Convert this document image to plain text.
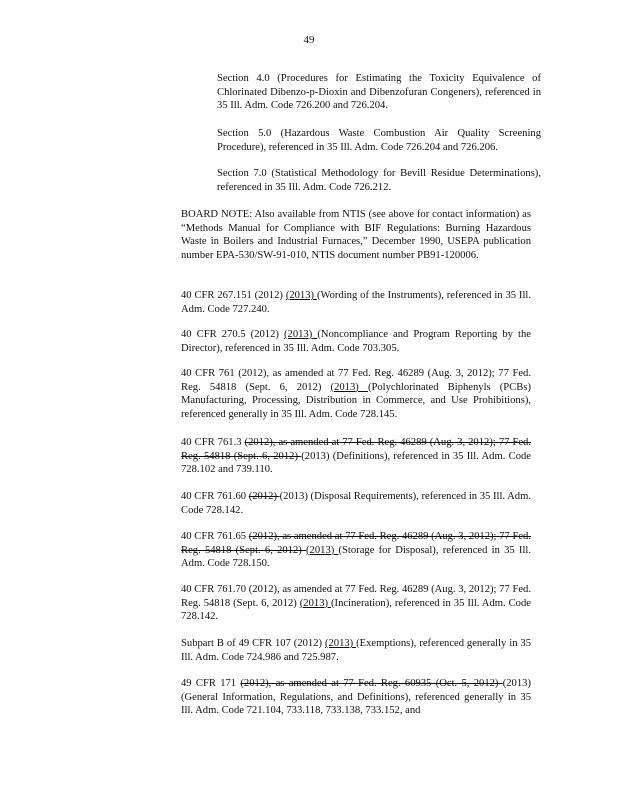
49

Section 4.0 (Procedures for Estimating the Toxicity Equivalence of Chlorinated Dibenzo-p-Dioxin and Dibenzofuran Congeners), referenced in 35 Ill. Adm. Code 726.200 and 726.204.

Section 5.0 (Hazardous Waste Combustion Air Quality Screening Procedure), referenced in 35 Ill. Adm. Code 726.204 and 726.206.

Section 7.0 (Statistical Methodology for Bevill Residue Determinations), referenced in 35 Ill. Adm. Code 726.212.

BOARD NOTE: Also available from NTIS (see above for contact information) as “Methods Manual for Compliance with BIF Regulations: Burning Hazardous Waste in Boilers and Industrial Furnaces,” December 1990, USEPA publication number EPA-530/SW-91-010, NTIS document number PB91-120006.

40 CFR 267.151 (2012) (2013) (Wording of the Instruments), referenced in 35 Ill. Adm. Code 727.240.

40 CFR 270.5 (2012) (2013) (Noncompliance and Program Reporting by the Director), referenced in 35 Ill. Adm. Code 703.305.

40 CFR 761 (2012), as amended at 77 Fed. Reg. 46289 (Aug. 3, 2012); 77 Fed. Reg. 54818 (Sept. 6, 2012) (2013) (Polychlorinated Biphenyls (PCBs) Manufacturing, Processing, Distribution in Commerce, and Use Prohibitions), referenced generally in 35 Ill. Adm. Code 728.145.

40 CFR 761.3 (2012), as amended at 77 Fed. Reg. 46289 (Aug. 3, 2012); 77 Fed. Reg. 54818 (Sept. 6, 2012) (2013) (Definitions), referenced in 35 Ill. Adm. Code 728.102 and 739.110.

40 CFR 761.60 (2012) (2013) (Disposal Requirements), referenced in 35 Ill. Adm. Code 728.142.

40 CFR 761.65 (2012), as amended at 77 Fed. Reg. 46289 (Aug. 3, 2012); 77 Fed. Reg. 54818 (Sept. 6, 2012) (2013) (Storage for Disposal), referenced in 35 Ill. Adm. Code 728.150.

40 CFR 761.70 (2012), as amended at 77 Fed. Reg. 46289 (Aug. 3, 2012); 77 Fed. Reg. 54818 (Sept. 6, 2012) (2013) (Incineration), referenced in 35 Ill. Adm. Code 728.142.

Subpart B of 49 CFR 107 (2012) (2013) (Exemptions), referenced generally in 35 Ill. Adm. Code 724.986 and 725.987.

49 CFR 171 (2012), as amended at 77 Fed. Reg. 60935 (Oct. 5, 2012) (2013) (General Information, Regulations, and Definitions), referenced generally in 35 Ill. Adm. Code 721.104, 733.118, 733.138, 733.152, and
